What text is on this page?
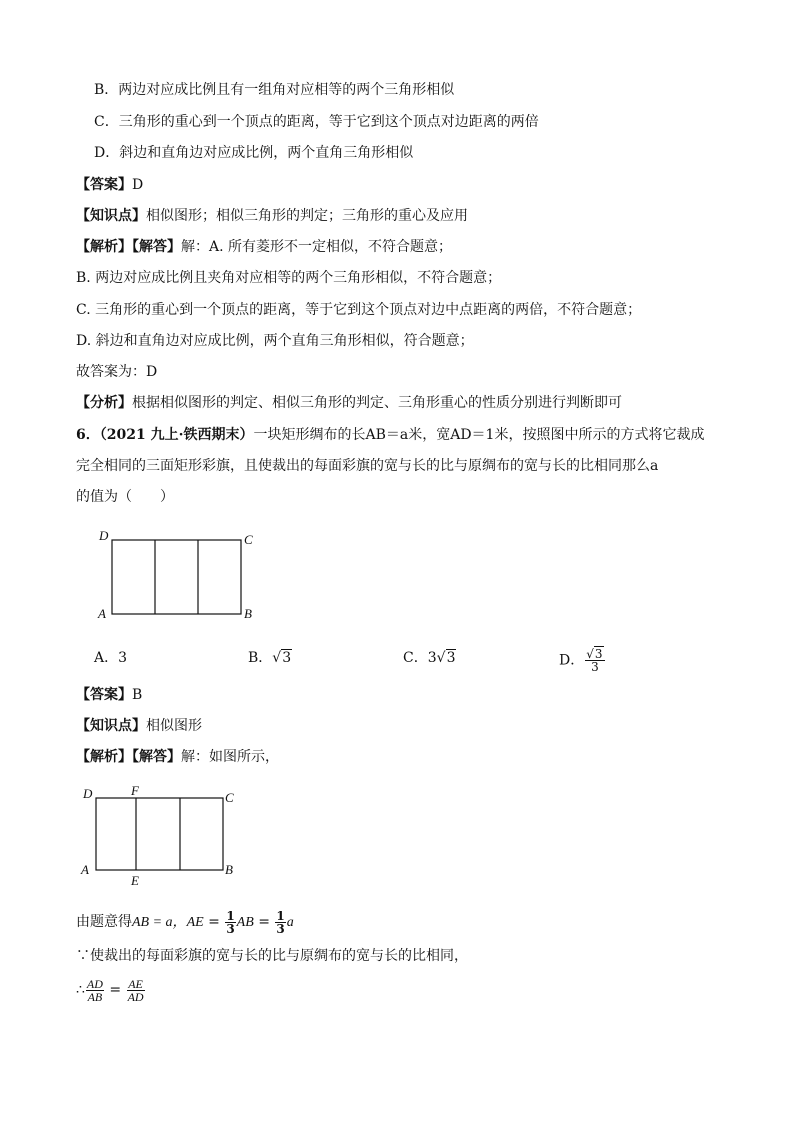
B．两边对应成比例且有一组角对应相等的两个三角形相似
C．三角形的重心到一个顶点的距离，等于它到这个顶点对边距离的两倍
D．斜边和直角边对应成比例，两个直角三角形相似
【答案】D
【知识点】相似图形；相似三角形的判定；三角形的重心及应用
【解析】【解答】解：A. 所有菱形不一定相似，不符合题意；
B. 两边对应成比例且夹角对应相等的两个三角形相似，不符合题意；
C. 三角形的重心到一个顶点的距离，等于它到这个顶点对边中点距离的两倍，不符合题意；
D. 斜边和直角边对应成比例，两个直角三角形相似，符合题意；
故答案为：D
【分析】根据相似图形的判定、相似三角形的判定、三角形重心的性质分别进行判断即可
6．（2021 九上·铁西期末）一块矩形绸布的长AB＝a米，宽AD＝1米，按照图中所示的方式将它裁成
完全相同的三面矩形彩旗，且使裁出的每面彩旗的宽与长的比与原绸布的宽与长的比相同那么a
的值为（　　）
D	C
A	B
A．3	B．√3	C．3√3	D． $\frac{√3}{3}$
【答案】B
【知识点】相似图形
【解析】【解答】解：如图所示，
D	F	C
A
E
B
由题意得AB = a，AE = $\frac{1}{3}$ AB = $\frac{1}{3}$ a
∵使裁出的每面彩旗的宽与长的比与原绸布的宽与长的比相同，
∴ $\frac{AD}{AB} = \frac{AE}{AD}$
